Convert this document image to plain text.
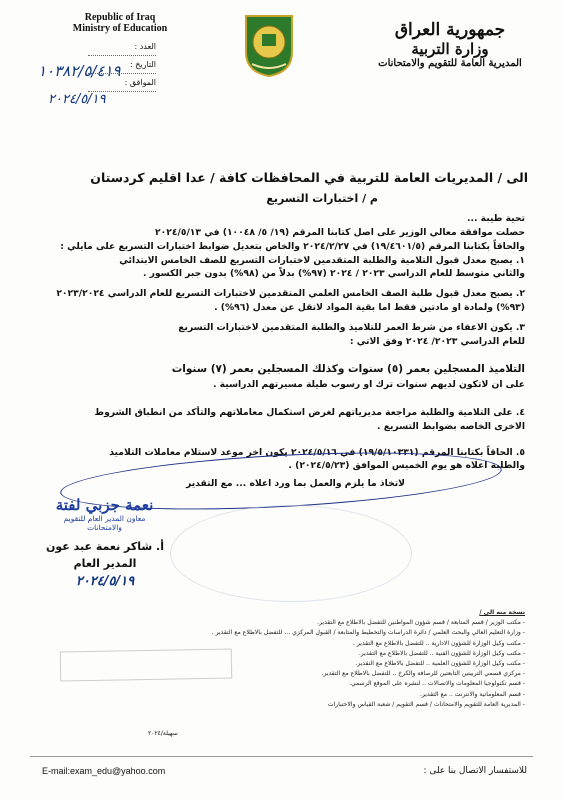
Republic of Iraq
Ministry of Education
١٠٣٨٢/٥/٤١٩
٢٠٢٤/٥/١٩
العدد :
التاريخ :
الموافق :
جمهورية العراق
وزارة التربية
المديرية العامة للتقويم والامتحانات
الى / المديريات العامة للتربية في المحافظات كافة / عدا اقليم كردستان
م / اختبارات التسريع

تحية طيبة ...

حصلت موافقة معالي الوزير على اصل كتابنا المرقم (١٩/ ٥/ ١٠٠٤٨) في ٢٠٢٤/٥/١٣

والحاقاً بكتابنا المرقم (١٩/٤٦٠١/٥) في ٢٠٢٤/٢/٢٧ والخاص بتعديل ضوابط اختبارات التسريع على مايلي :

١. يصبح معدل قبول التلامية والطلبة المتقدمين لاختبارات التسريع للصف الخامس الابتدائي

والثاني متوسط للعام الدراسي ٢٠٢٣ / ٢٠٢٤ (٩٧%) بدلاً من (٩٨%) بدون جبر الكسور .

٢. يصبح معدل قبول طلبة الصف الخامس العلمي المتقدمين لاختبارات التسريع للعام الدراسي ٢٠٢٣/٢٠٢٤

(٩٣%) ولمادة او مادتين فقط اما بقية المواد لاتقل عن معدل (٩٦%) .

٣. يكون الاعفاء من شرط العمر للتلاميذ والطلبة المتقدمين لاختبارات التسريع

للعام الدراسي ٢٠٢٣/ ٢٠٢٤ وفق الاتي :

التلاميذ المسجلين بعمر (٥) سنوات وكذلك المسجلين بعمر (٧) سنوات

على ان لاتكون لديهم سنوات ترك او رسوب طيلة مسيرتهم الدراسية .

٤. على التلامية والطلبة مراجعة مديرياتهم لغرض استكمال معاملاتهم والتأكد من انطباق الشروط

الاخرى الخاصه بضوابط التسريع .

٥. الحاقاً بكتابنا المرقم (١٩/٥/١٠٣٣١) في ٢٠٢٤/٥/١٦ يكون اخر موعد لاستلام معاملات التلاميذ

والطلبة اعلاه هو يوم الخميس الموافق (٢٠٢٤/٥/٢٣) .

لاتخاذ ما يلزم والعمل بما ورد اعلاه ... مع التقدير

نعمة جزبي لفتة
معاون المدير العام للتقويم والامتحانات
أ. شاكر نعمة عبد عون
المدير العام
٢٠٢٤/٥/١٩
نسخة منه الى /
- مكتب الوزير / قسم المتابعة / قسم شؤون المواطنين للتفضل بالاطلاع مع التقدير.
- وزارة التعليم العالي والبحث العلمي / دائرة الدراسات والتخطيط والمتابعة / القبول المركزي ... للتفضل بالاطلاع مع التقدير .
- مكتب وكيل الوزارة للشؤون الادارية .. للتفضل بالاطلاع مع التقدير .
- مكتب وكيل الوزارة للشؤون الفنية .. للتفضل بالاطلاع مع التقدير.
- مكتب وكيل الوزارة للشؤون العلمية .. للتفضل بالاطلاع مع التقدير.
- مركزي قسمي التربيتين التابعتين للرصافة والكرخ .. للتفضل بالاطلاع مع التقدير.
- قسم تكنولوجيا المعلومات والاتصالات .. لنشره على الموقع الرسمي.
- قسم المعلوماتية والانترنت .. مع التقدير.
- المديرية العامة للتقويم والامتحانات / قسم التقويم / شعبة القياس والاختبارات
سهيلة/٢٠٢٤
E-mail:exam_edu@yahoo.com	للاستفسار الاتصال بنا على :
